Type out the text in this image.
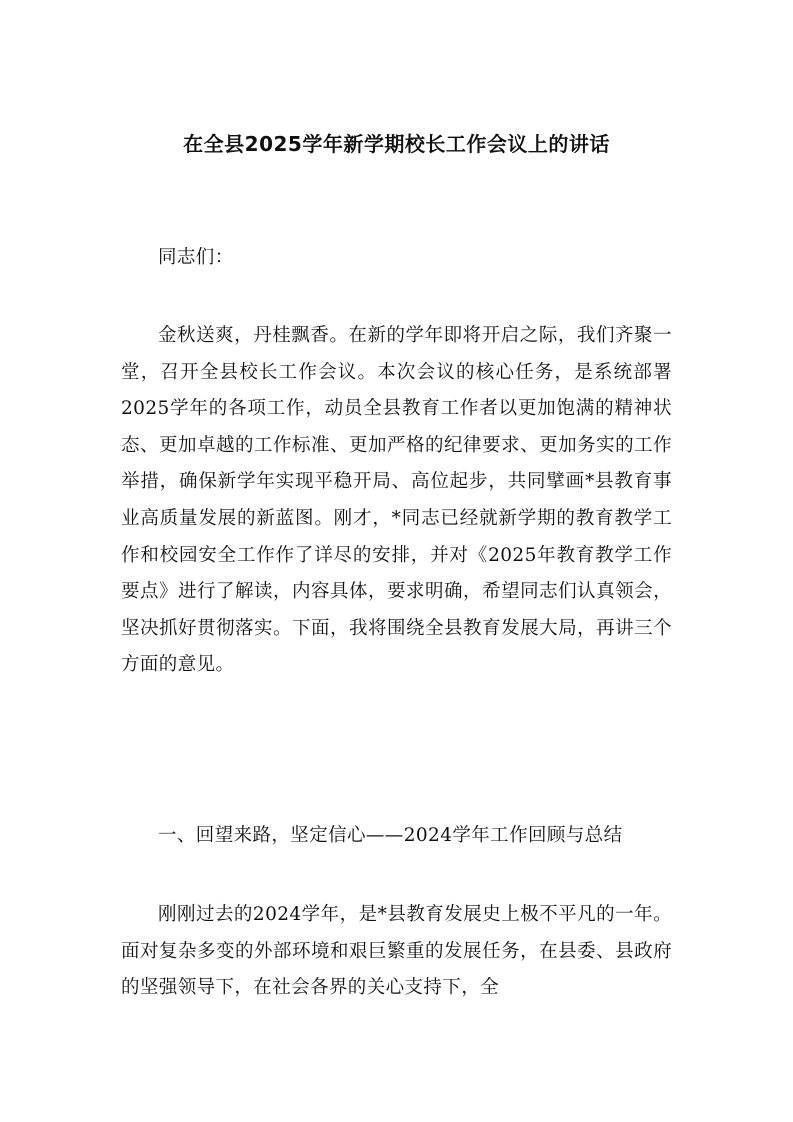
在全县2025学年新学期校长工作会议上的讲话

同志们：

金秋送爽，丹桂飘香。在新的学年即将开启之际，我们齐聚一堂，召开全县校长工作会议。本次会议的核心任务，是系统部署2025学年的各项工作，动员全县教育工作者以更加饱满的精神状态、更加卓越的工作标准、更加严格的纪律要求、更加务实的工作举措，确保新学年实现平稳开局、高位起步，共同擘画*县教育事业高质量发展的新蓝图。刚才，*同志已经就新学期的教育教学工作和校园安全工作作了详尽的安排，并对《2025年教育教学工作要点》进行了解读，内容具体，要求明确，希望同志们认真领会，坚决抓好贯彻落实。下面，我将围绕全县教育发展大局，再讲三个方面的意见。

一、回望来路，坚定信心——2024学年工作回顾与总结

刚刚过去的2024学年，是*县教育发展史上极不平凡的一年。面对复杂多变的外部环境和艰巨繁重的发展任务，在县委、县政府的坚强领导下，在社会各界的关心支持下，全
